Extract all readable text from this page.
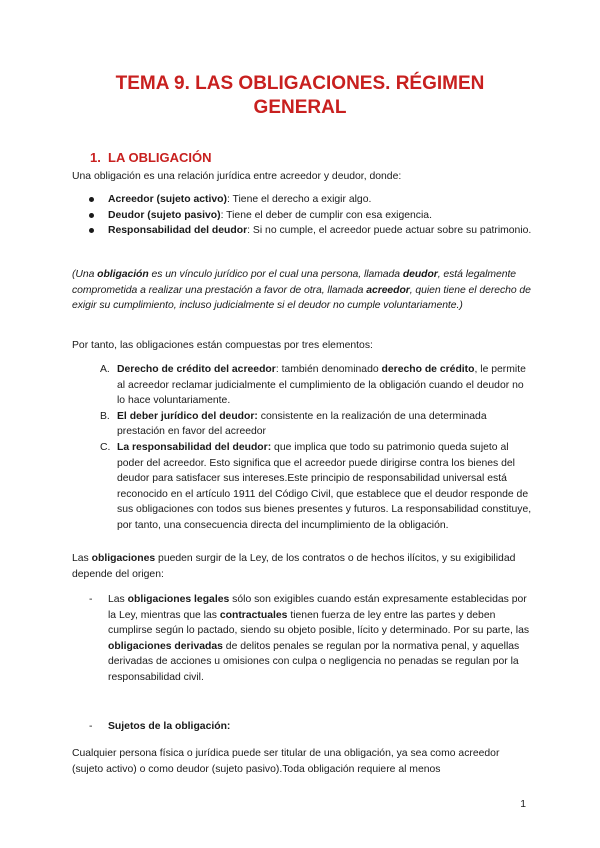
TEMA 9. LAS OBLIGACIONES. RÉGIMEN
GENERAL
1. LA OBLIGACIÓN

Una obligación es una relación jurídica entre acreedor y deudor, donde:

Acreedor (sujeto activo): Tiene el derecho a exigir algo.
Deudor (sujeto pasivo): Tiene el deber de cumplir con esa exigencia.
Responsabilidad del deudor: Si no cumple, el acreedor puede actuar sobre su patrimonio.

(Una obligación es un vínculo jurídico por el cual una persona, llamada deudor, está legalmente comprometida a realizar una prestación a favor de otra, llamada acreedor, quien tiene el derecho de exigir su cumplimiento, incluso judicialmente si el deudor no cumple voluntariamente.)

Por tanto, las obligaciones están compuestas por tres elementos:

A. Derecho de crédito del acreedor: también denominado derecho de crédito, le permite al acreedor reclamar judicialmente el cumplimiento de la obligación cuando el deudor no lo hace voluntariamente.
B. El deber jurídico del deudor: consistente en la realización de una determinada prestación en favor del acreedor
C. La responsabilidad del deudor: que implica que todo su patrimonio queda sujeto al poder del acreedor. Esto significa que el acreedor puede dirigirse contra los bienes del deudor para satisfacer sus intereses.Este principio de responsabilidad universal está reconocido en el artículo 1911 del Código Civil, que establece que el deudor responde de sus obligaciones con todos sus bienes presentes y futuros. La responsabilidad constituye, por tanto, una consecuencia directa del incumplimiento de la obligación.

Las obligaciones pueden surgir de la Ley, de los contratos o de hechos ilícitos, y su exigibilidad depende del origen:

- Las obligaciones legales sólo son exigibles cuando están expresamente establecidas por la Ley, mientras que las contractuales tienen fuerza de ley entre las partes y deben cumplirse según lo pactado, siendo su objeto posible, lícito y determinado. Por su parte, las obligaciones derivadas de delitos penales se regulan por la normativa penal, y aquellas derivadas de acciones u omisiones con culpa o negligencia no penadas se regulan por la responsabilidad civil.
- Sujetos de la obligación:

Cualquier persona física o jurídica puede ser titular de una obligación, ya sea como acreedor (sujeto activo) o como deudor (sujeto pasivo).Toda obligación requiere al menos

1
